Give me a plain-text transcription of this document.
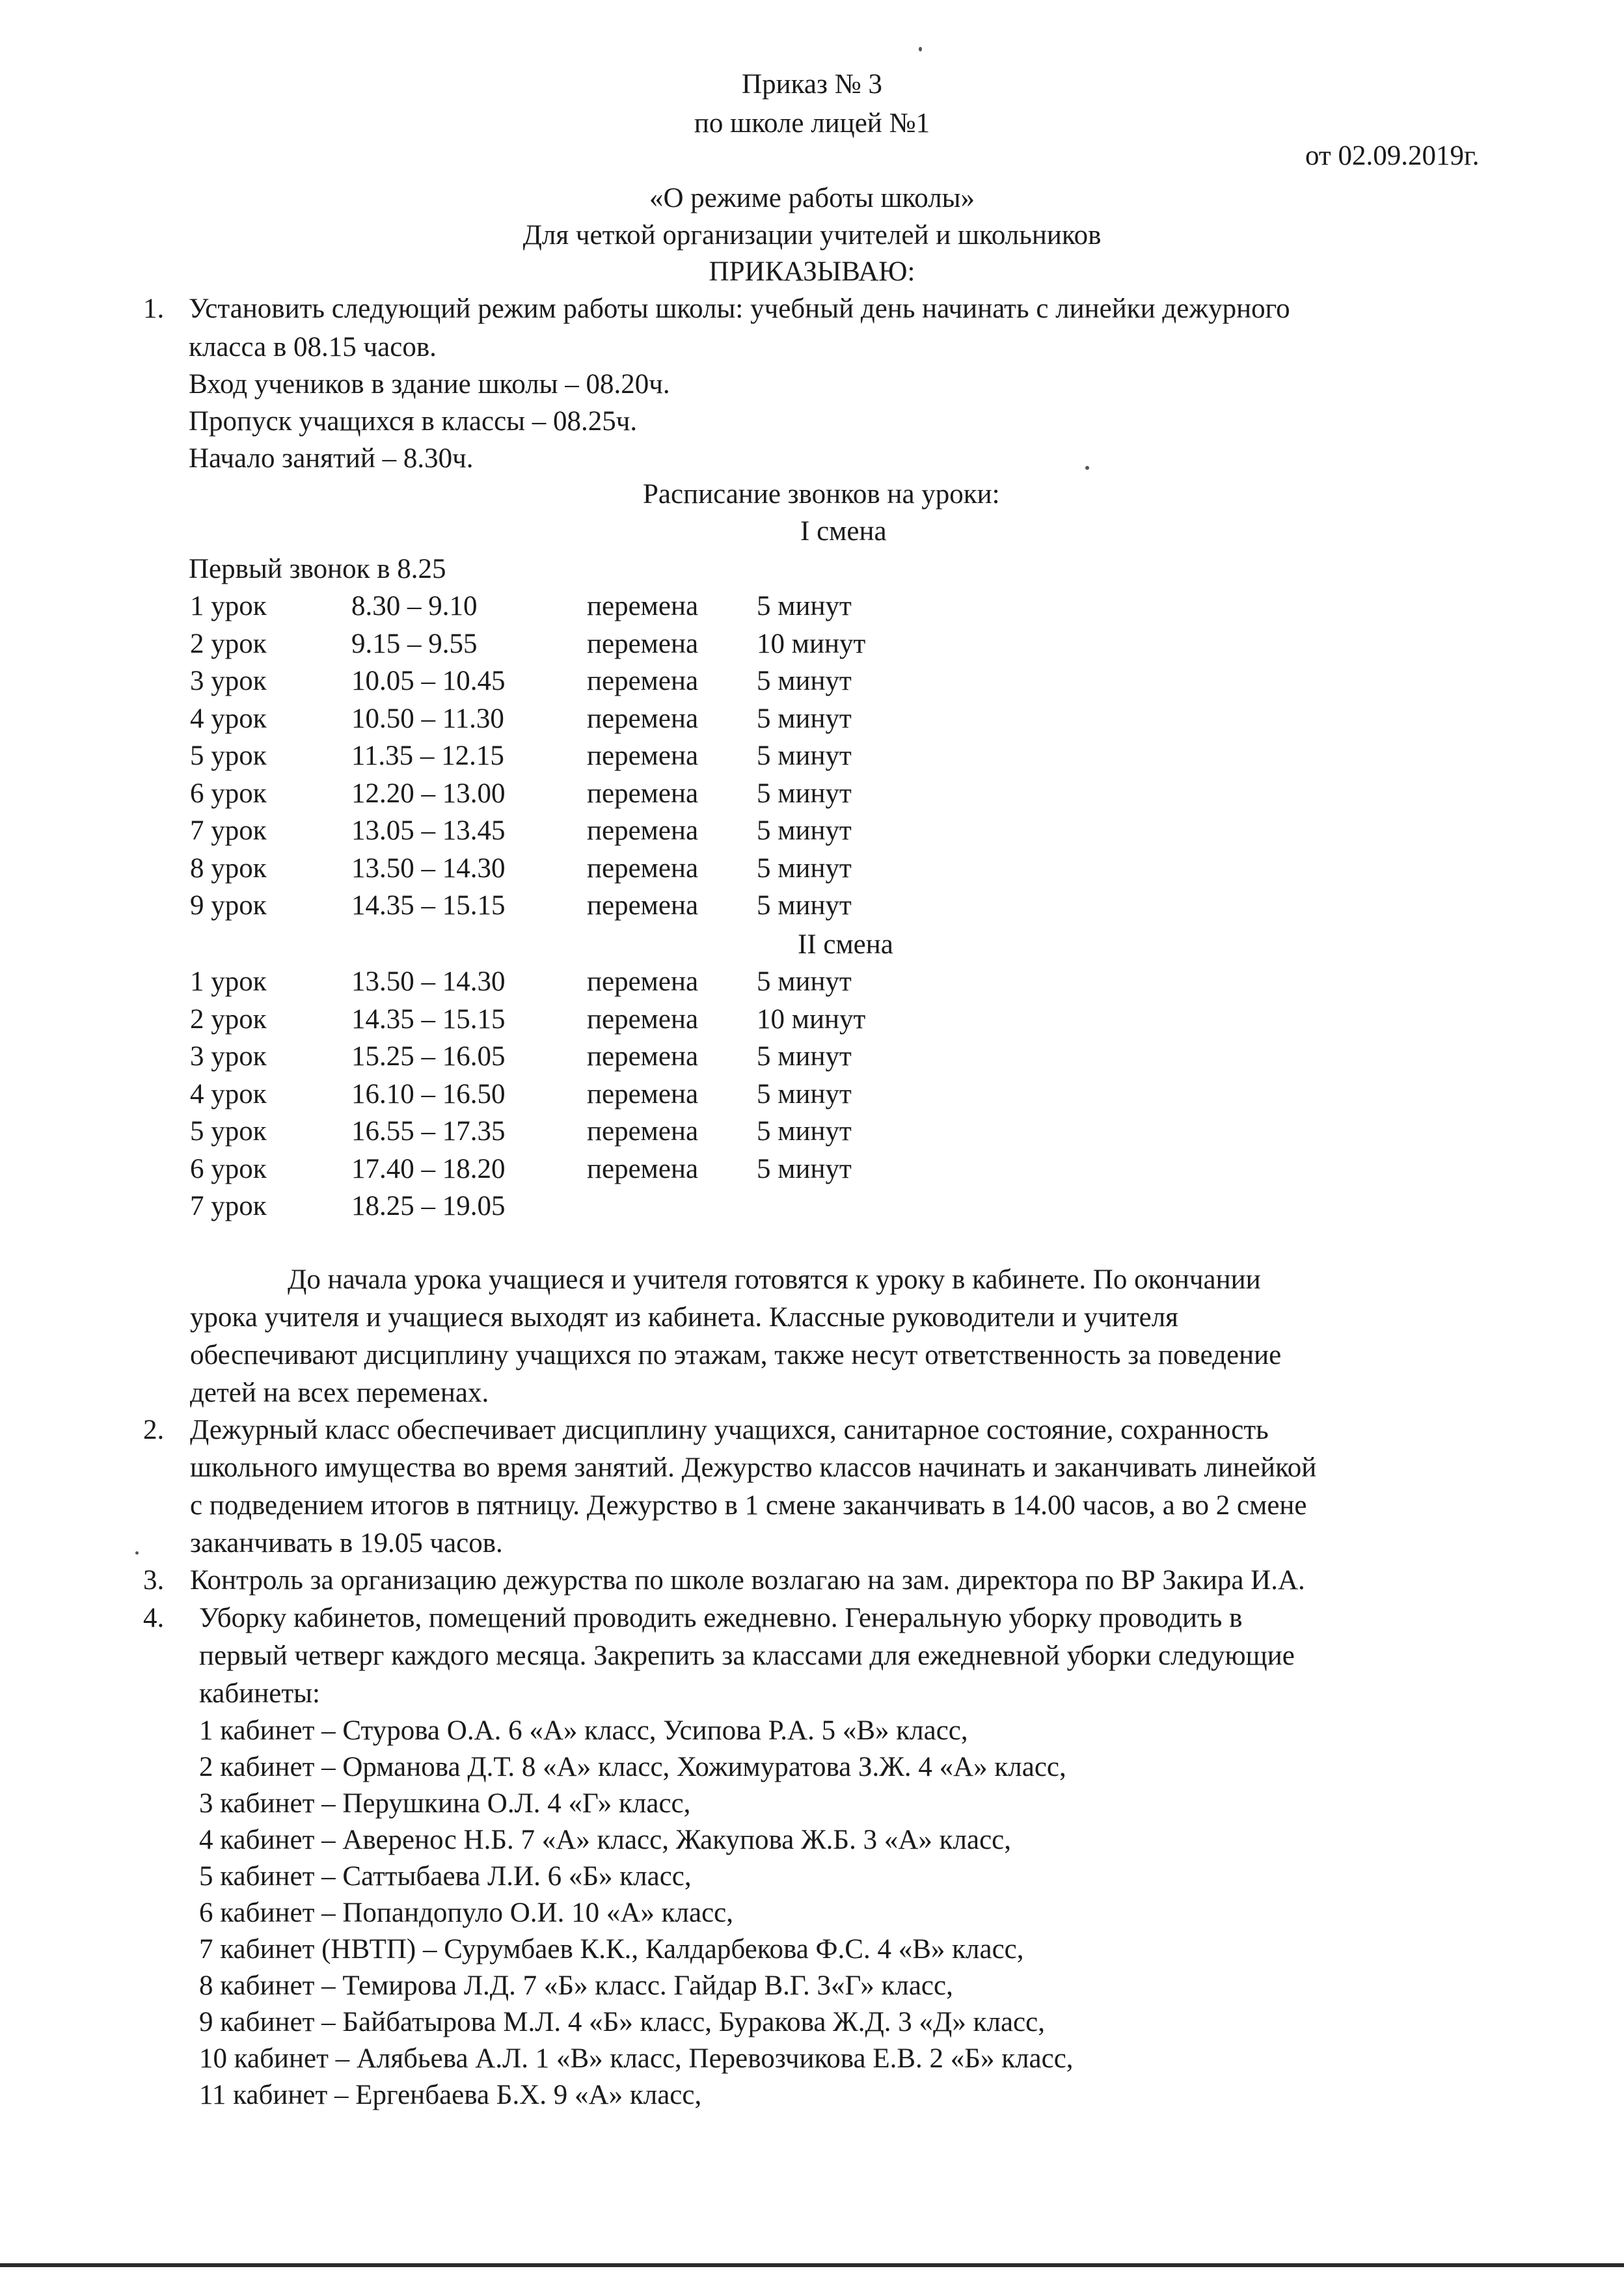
Приказ № 3
по школе лицей №1
от 02.09.2019г.
«О режиме работы школы»
Для четкой организации учителей и школьников
ПРИКАЗЫВАЮ:
1. Установить следующий режим работы школы: учебный день начинать с линейки дежурного
класса в 08.15 часов.
Вход учеников в здание школы – 08.20ч.
Пропуск учащихся в классы – 08.25ч.
Начало занятий – 8.30ч.
Расписание звонков на уроки:
I смена
Первый звонок в 8.25
1 урок	8.30 – 9.10	перемена 5 минут
2 урок	9.15 – 9.55	перемена 10 минут
3 урок	10.05 – 10.45	перемена 5 минут
4 урок	10.50 – 11.30	перемена 5 минут
5 урок	11.35 – 12.15	перемена 5 минут
6 урок	12.20 – 13.00	перемена 5 минут
7 урок	13.05 – 13.45	перемена 5 минут
8 урок	13.50 – 14.30	перемена 5 минут
9 урок	14.35 – 15.15	перемена 5 минут
II смена
1 урок	13.50 – 14.30	перемена 5 минут
2 урок	14.35 – 15.15	перемена 10 минут
3 урок	15.25 – 16.05	перемена 5 минут
4 урок	16.10 – 16.50	перемена 5 минут
5 урок	16.55 – 17.35	перемена 5 минут
6 урок	17.40 – 18.20	перемена 5 минут
7 урок	18.25 – 19.05
До начала урока учащиеся и учителя готовятся к уроку в кабинете. По окончании
урока учителя и учащиеся выходят из кабинета. Классные руководители и учителя
обеспечивают дисциплину учащихся по этажам, также несут ответственность за поведение
детей на всех переменах.
2. Дежурный класс обеспечивает дисциплину учащихся, санитарное состояние, сохранность
школьного имущества во время занятий. Дежурство классов начинать и заканчивать линейкой
с подведением итогов в пятницу. Дежурство в 1 смене заканчивать в 14.00 часов, а во 2 смене
заканчивать в 19.05 часов.
3. Контроль за организацию дежурства по школе возлагаю на зам. директора по ВР Закира И.А.
4. Уборку кабинетов, помещений проводить ежедневно. Генеральную уборку проводить в
первый четверг каждого месяца. Закрепить за классами для ежедневной уборки следующие
кабинеты:
1 кабинет – Стурова О.А. 6 «А» класс, Усипова Р.А. 5 «В» класс,
2 кабинет – Орманова Д.Т. 8 «А» класс, Хожимуратова З.Ж. 4 «А» класс,
3 кабинет – Перушкина О.Л. 4 «Г» класс,
4 кабинет – Аверенос Н.Б. 7 «А» класс, Жакупова Ж.Б. 3 «А» класс,
5 кабинет – Саттыбаева Л.И. 6 «Б» класс,
6 кабинет – Попандопуло О.И. 10 «А» класс,
7 кабинет (НВТП) – Сурумбаев К.К., Калдарбекова Ф.С. 4 «В» класс,
8 кабинет – Темирова Л.Д. 7 «Б» класс. Гайдар В.Г. 3«Г» класс,
9 кабинет – Байбатырова М.Л. 4 «Б» класс, Буракова Ж.Д. 3 «Д» класс,
10 кабинет – Алябьева А.Л. 1 «В» класс, Перевозчикова Е.В. 2 «Б» класс,
11 кабинет – Ергенбаева Б.Х. 9 «А» класс,
